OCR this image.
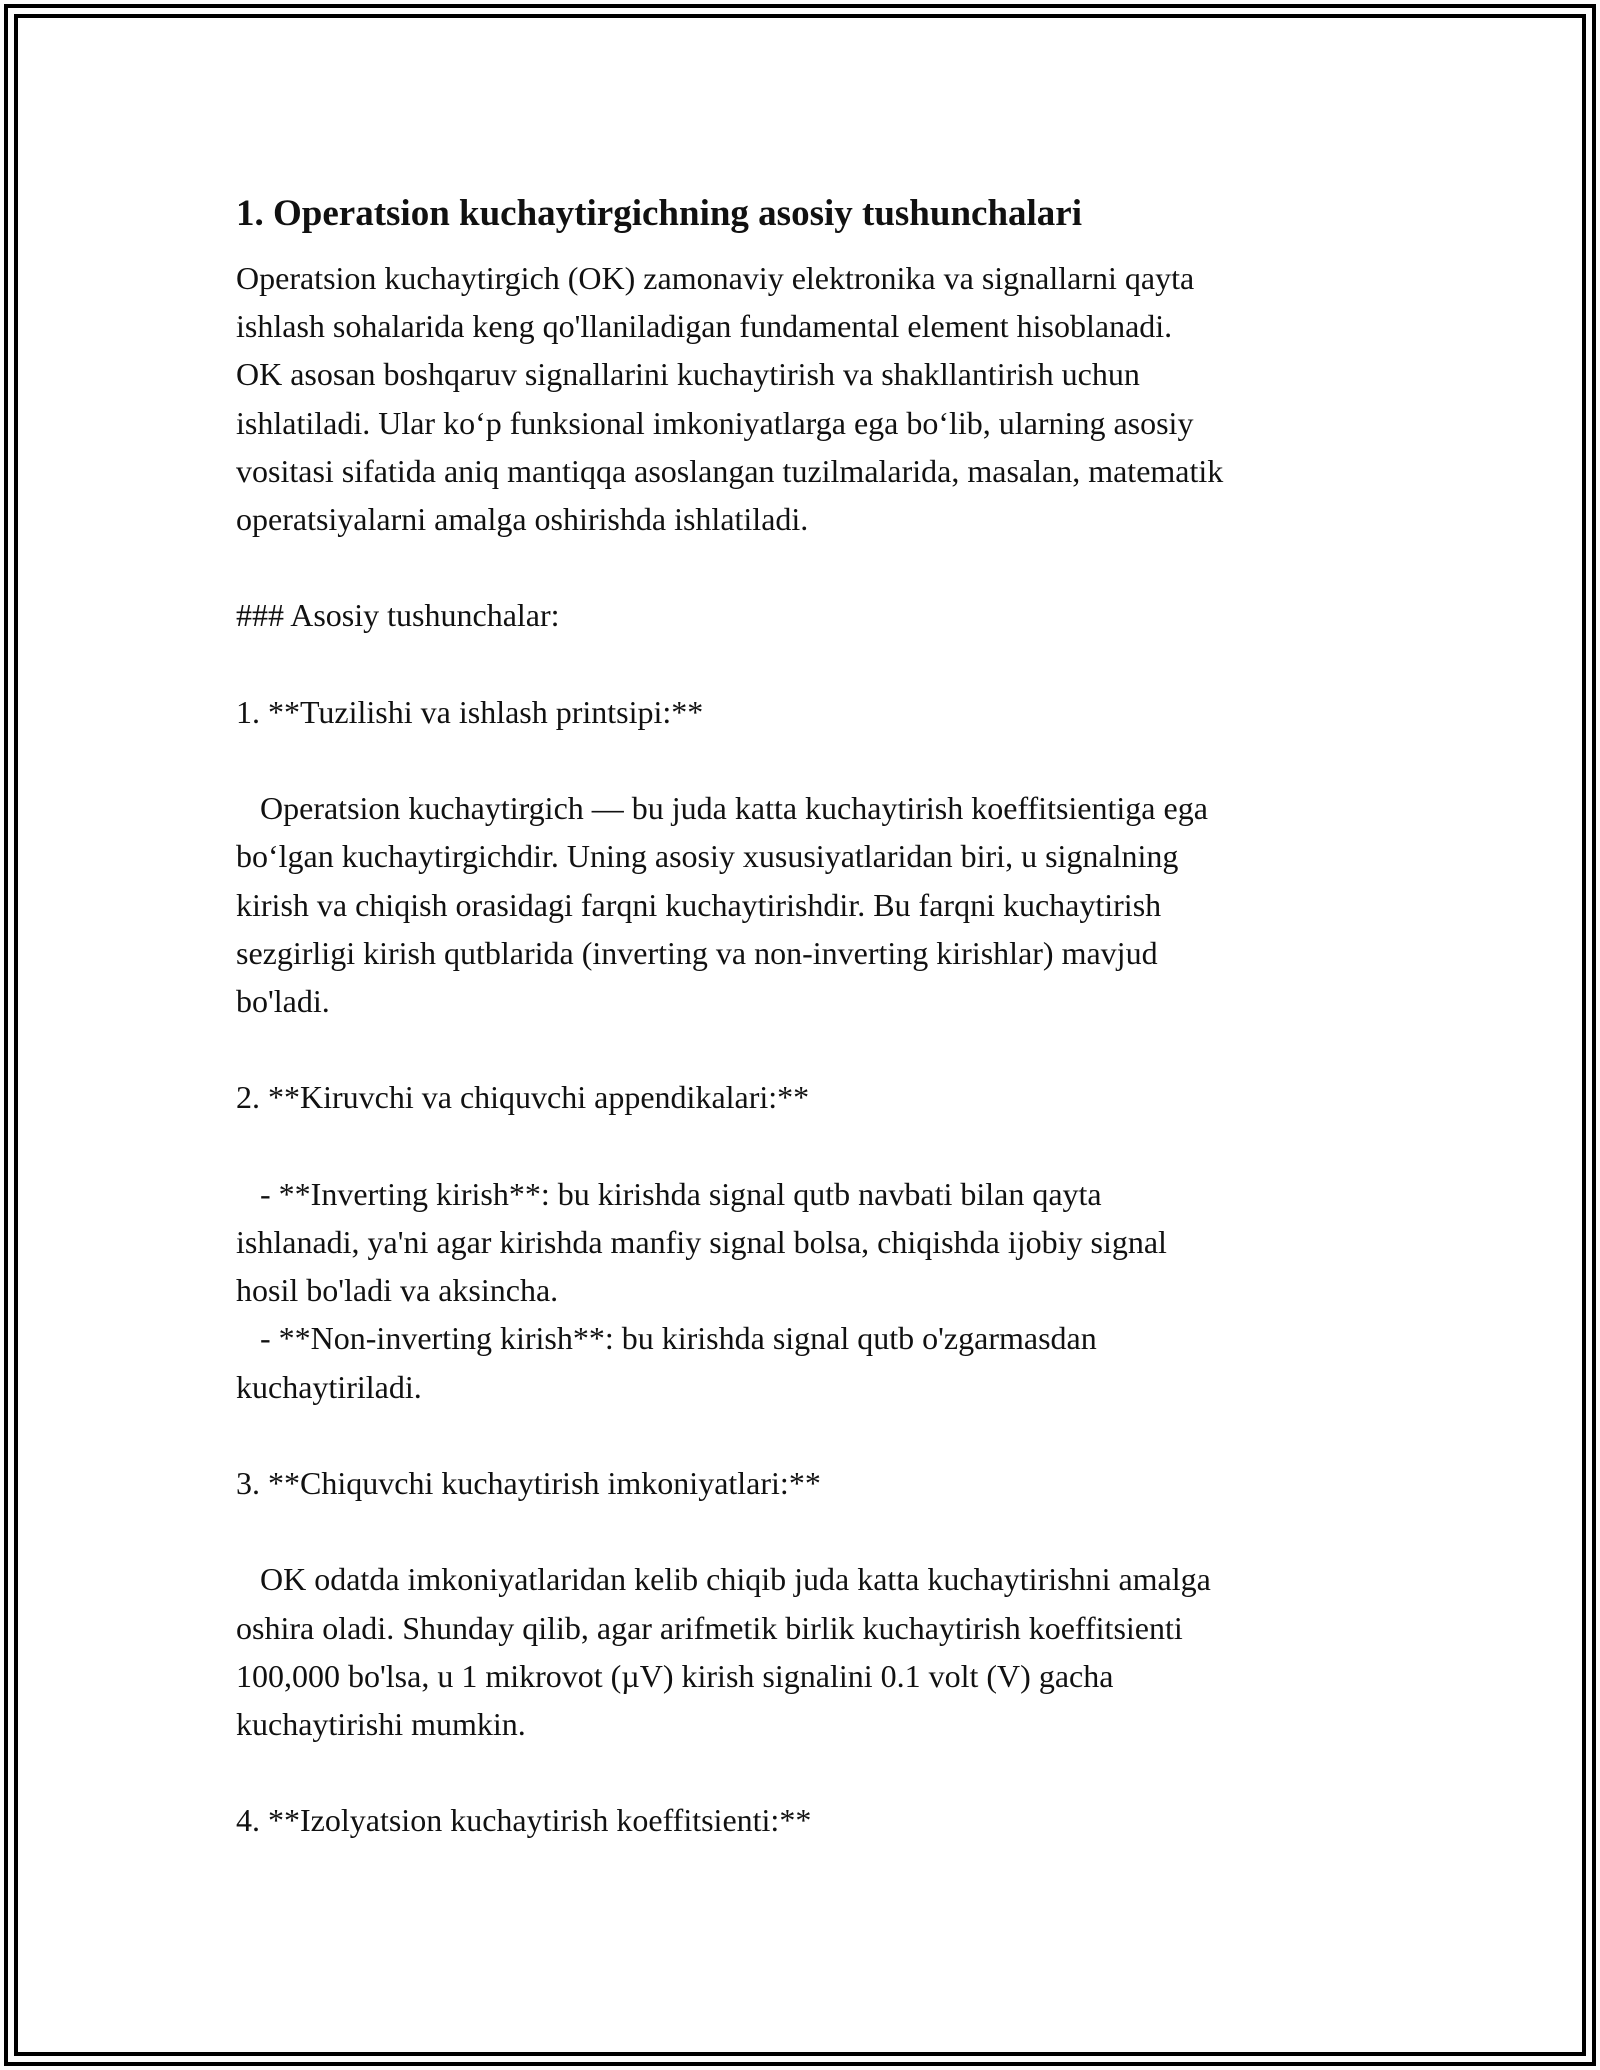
1. Operatsion kuchaytirgichning asosiy tushunchalari

Operatsion kuchaytirgich (OK) zamonaviy elektronika va signallarni qayta

ishlash sohalarida keng qo'llaniladigan fundamental element hisoblanadi.

OK asosan boshqaruv signallarini kuchaytirish va shakllantirish uchun

ishlatiladi. Ular ko‘p funksional imkoniyatlarga ega bo‘lib, ularning asosiy

vositasi sifatida aniq mantiqqa asoslangan tuzilmalarida, masalan, matematik

operatsiyalarni amalga oshirishda ishlatiladi.

### Asosiy tushunchalar:

1. **Tuzilishi va ishlash printsipi:**

Operatsion kuchaytirgich — bu juda katta kuchaytirish koeffitsientiga ega

bo‘lgan kuchaytirgichdir. Uning asosiy xususiyatlaridan biri, u signalning

kirish va chiqish orasidagi farqni kuchaytirishdir. Bu farqni kuchaytirish

sezgirligi kirish qutblarida (inverting va non-inverting kirishlar) mavjud

bo'ladi.

2. **Kiruvchi va chiquvchi appendikalari:**

- **Inverting kirish**: bu kirishda signal qutb navbati bilan qayta

ishlanadi, ya'ni agar kirishda manfiy signal bolsa, chiqishda ijobiy signal

hosil bo'ladi va aksincha.

- **Non-inverting kirish**: bu kirishda signal qutb o'zgarmasdan

kuchaytiriladi.

3. **Chiquvchi kuchaytirish imkoniyatlari:**

OK odatda imkoniyatlaridan kelib chiqib juda katta kuchaytirishni amalga

oshira oladi. Shunday qilib, agar arifmetik birlik kuchaytirish koeffitsienti

100,000 bo'lsa, u 1 mikrovot (µV) kirish signalini 0.1 volt (V) gacha

kuchaytirishi mumkin.

4. **Izolyatsion kuchaytirish koeffitsienti:**
